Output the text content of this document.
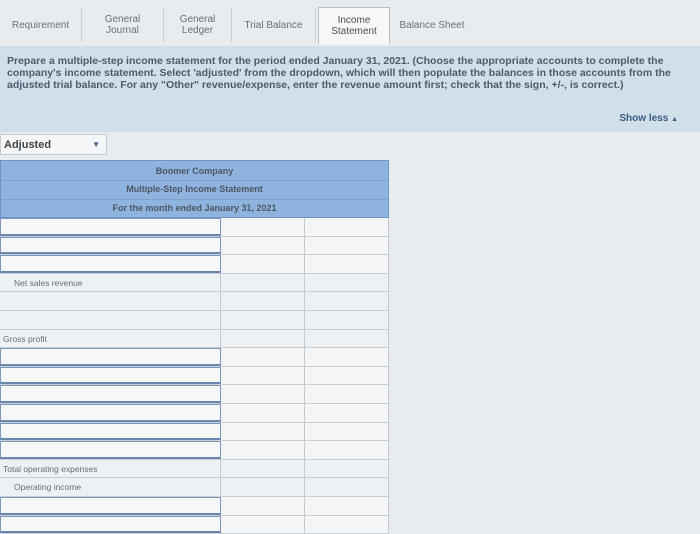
Requirement	General Journal
General Ledger	Trial Balance	Income Statement
Balance Sheet

Prepare a multiple-step income statement for the period ended January 31, 2021. (Choose the appropriate accounts to complete the company's income statement. Select 'adjusted' from the dropdown, which will then populate the balances in those accounts from the adjusted trial balance. For any "Other" revenue/expense, enter the revenue amount first; check that the sign, +/-, is correct.)

Show less ▲
Adjusted	▼
Boomer Company
Multiple-Step Income Statement
For the month ended January 31, 2021
Net sales revenue
Gross profit
Total operating expenses
Operating income
